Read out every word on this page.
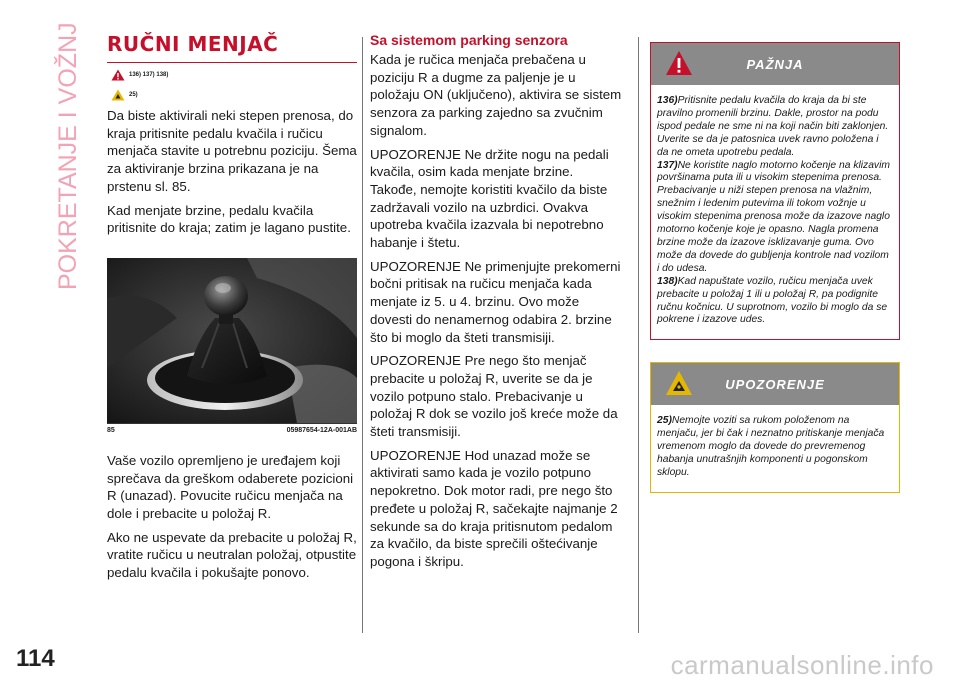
POKRETANJE I VOŽNJA RUČNI MENJAČ
136) 137) 138)
25)

Da biste aktivirali neki stepen prenosa, do kraja pritisnite pedalu kvačila i ručicu menjača stavite u potrebnu poziciju. Šema za aktiviranje brzina prikazana je na prstenu sl. 85.

Kad menjate brzine, pedalu kvačila pritisnite do kraja; zatim je lagano pustite.

85	05987654-12A-001AB

Vaše vozilo opremljeno je uređajem koji sprečava da greškom odaberete pozicioni R (unazad). Povucite ručicu menjača na dole i prebacite u položaj R.

Ako ne uspevate da prebacite u položaj R, vratite ručicu u neutralan položaj, otpustite pedalu kvačila i pokušajte ponovo.

Sa sistemom parking senzora

Kada je ručica menjača prebačena u poziciju R a dugme za paljenje je u položaju ON (uključeno), aktivira se sistem senzora za parking zajedno sa zvučnim signalom.

UPOZORENJE Ne držite nogu na pedali kvačila, osim kada menjate brzine. Takođe, nemojte koristiti kvačilo da biste zadržavali vozilo na uzbrdici. Ovakva upotreba kvačila izazvala bi nepotrebno habanje i štetu.

UPOZORENJE Ne primenjujte prekomerni bočni pritisak na ručicu menjača kada menjate iz 5. u 4. brzinu. Ovo može dovesti do nenamernog odabira 2. brzine što bi moglo da šteti transmisiji.

UPOZORENJE Pre nego što menjač prebacite u položaj R, uverite se da je vozilo potpuno stalo. Prebacivanje u položaj R dok se vozilo još kreće može da šteti transmisiji.

UPOZORENJE Hod unazad može se aktivirati samo kada je vozilo potpuno nepokretno. Dok motor radi, pre nego što pređete u položaj R, sačekajte najmanje 2 sekunde sa do kraja pritisnutom pedalom za kvačilo, da biste sprečili oštećivanje pogona i škripu.

PAŽNJA
136)Pritisnite pedalu kvačila do kraja da bi ste pravilno promenili brzinu. Dakle, prostor na podu ispod pedale ne sme ni na koji način biti zaklonjen. Uverite se da je patosnica uvek ravno položena i da ne ometa upotrebu pedala.
137)Ne koristite naglo motorno kočenje na klizavim površinama puta ili u visokim stepenima prenosa. Prebacivanje u niži stepen prenosa na vlažnim, snežnim i ledenim putevima ili tokom vožnje u visokim stepenima prenosa može da izazove naglo motorno kočenje koje je opasno. Nagla promena brzine može da izazove isklizavanje guma. Ovo može da dovede do gubljenja kontrole nad vozilom i do udesa.
138)Kad napuštate vozilo, ručicu menjača uvek prebacite u položaj 1 ili u položaj R, pa podignite ručnu kočnicu. U suprotnom, vozilo bi moglo da se pokrene i izazove udes.
UPOZORENJE
25)Nemojte voziti sa rukom položenom na menjaču, jer bi čak i neznatno pritiskanje menjača vremenom moglo da dovede do prevremenog habanja unutrašnjih komponenti u pogonskom sklopu.
114	carmanualsonline.info
